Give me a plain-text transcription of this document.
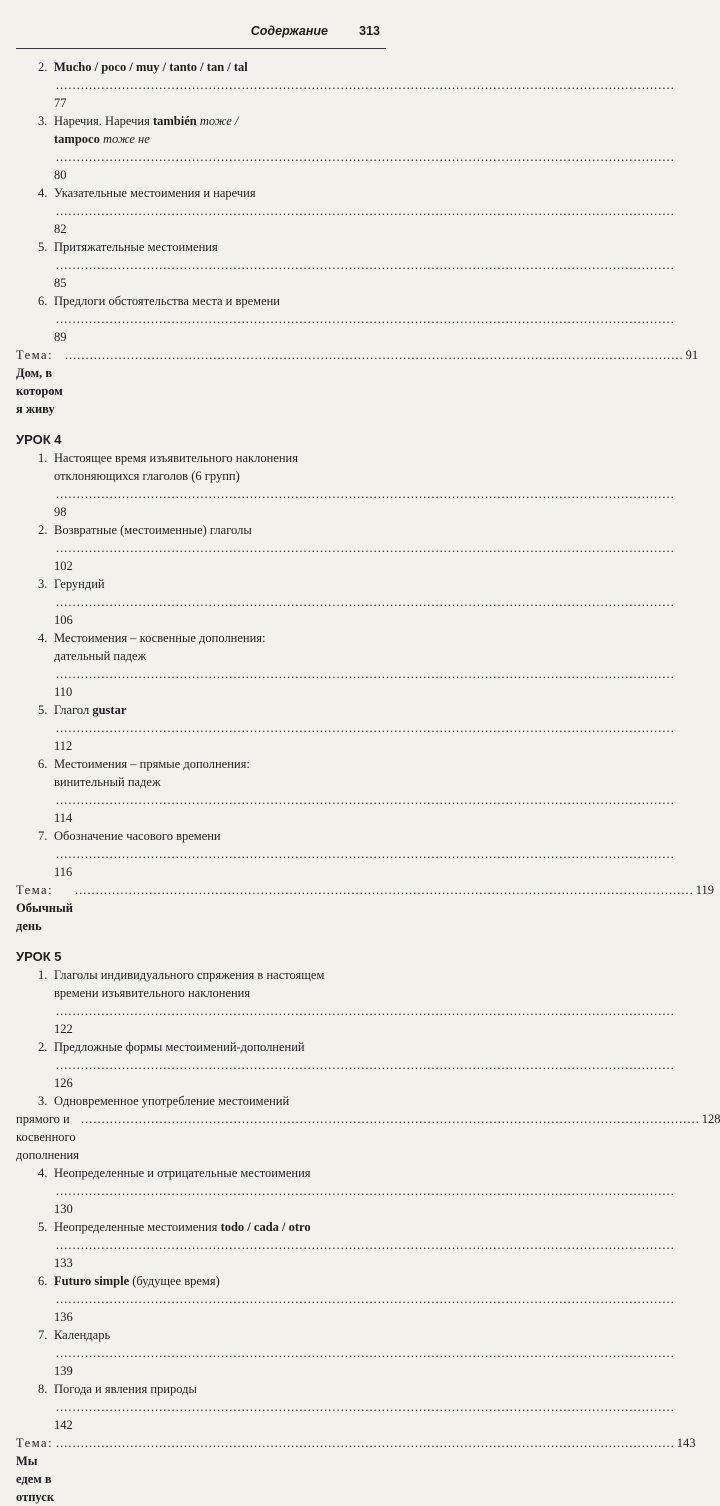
Содержание 313
2. Mucho / poco / muy / tanto / tan / tal ..... 77
3. Наречия. Наречия también тоже /
tampoco тоже не ..... 80
4. Указательные местоимения и наречия ..... 82
5. Притяжательные местоимения ..... 85
6. Предлоги обстоятельства места и времени ..... 89
Тема: Дом, в котором я живу
.....
91
УРОК 4
1. Настоящее время изъявительного наклонения
отклоняющихся глаголов (6 групп) ..... 98
2. Возвратные (местоименные) глаголы ..... 102
3. Герундий ..... 106
4. Местоимения – косвенные дополнения:
дательный падеж ..... 110
5. Глагол gustar ..... 112
6. Местоимения – прямые дополнения:
винительный падеж ..... 114
7. Обозначение часового времени ..... 116
Тема: Обычный день
.....
119
УРОК 5
1. Глаголы индивидуального спряжения в настоящем
времени изъявительного наклонения ..... 122
2. Предложные формы местоимений-дополнений ..... 126
3. Одновременное употребление местоимений
прямого и косвенного дополнения
.....
128
4. Неопределенные и отрицательные местоимения ..... 130
5. Неопределенные местоимения todo / cada / otro ..... 133
6. Futuro simple (будущее время) ..... 136
7. Календарь ..... 139
8. Погода и явления природы ..... 142
Тема: Мы едем в отпуск
.....
143
